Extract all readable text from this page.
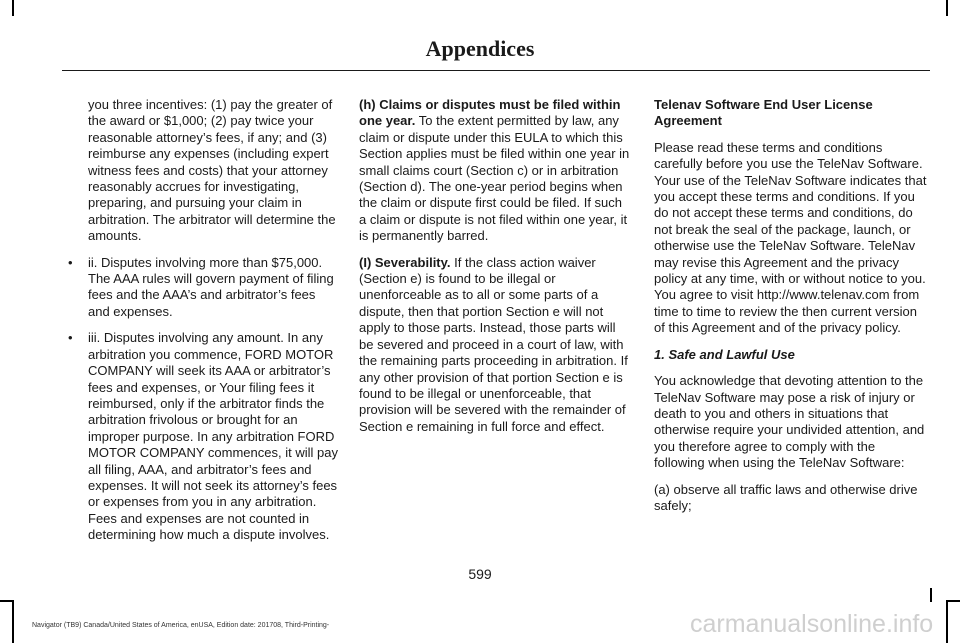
Appendices

you three incentives: (1) pay the greater of the award or $1,000; (2) pay twice your reasonable attorney’s fees, if any; and (3) reimburse any expenses (including expert witness fees and costs) that your attorney reasonably accrues for investigating, preparing, and pursuing your claim in arbitration. The arbitrator will determine the amounts.

• ii. Disputes involving more than $75,000. The AAA rules will govern payment of filing fees and the AAA’s and arbitrator’s fees and expenses.

• iii. Disputes involving any amount. In any arbitration you commence, FORD MOTOR COMPANY will seek its AAA or arbitrator’s fees and expenses, or Your filing fees it reimbursed, only if the arbitrator finds the arbitration frivolous or brought for an improper purpose. In any arbitration FORD MOTOR COMPANY commences, it will pay all filing, AAA, and arbitrator’s fees and expenses. It will not seek its attorney’s fees or expenses from you in any arbitration. Fees and expenses are not counted in determining how much a dispute involves.

(h) Claims or disputes must be filed within one year. To the extent permitted by law, any claim or dispute under this EULA to which this Section applies must be filed within one year in small claims court (Section c) or in arbitration (Section d). The one-year period begins when the claim or dispute first could be filed. If such a claim or dispute is not filed within one year, it is permanently barred.

(I) Severability. If the class action waiver (Section e) is found to be illegal or unenforceable as to all or some parts of a dispute, then that portion Section e will not apply to those parts. Instead, those parts will be severed and proceed in a court of law, with the remaining parts proceeding in arbitration. If any other provision of that portion Section e is found to be illegal or unenforceable, that provision will be severed with the remainder of Section e remaining in full force and effect.

Telenav Software End User License Agreement

Please read these terms and conditions carefully before you use the TeleNav Software. Your use of the TeleNav Software indicates that you accept these terms and conditions. If you do not accept these terms and conditions, do not break the seal of the package, launch, or otherwise use the TeleNav Software. TeleNav may revise this Agreement and the privacy policy at any time, with or without notice to you. You agree to visit http://www.telenav.com from time to time to review the then current version of this Agreement and of the privacy policy.

1. Safe and Lawful Use

You acknowledge that devoting attention to the TeleNav Software may pose a risk of injury or death to you and others in situations that otherwise require your undivided attention, and you therefore agree to comply with the following when using the TeleNav Software:

(a) observe all traffic laws and otherwise drive safely;

599
Navigator (TB9) Canada/United States of America, enUSA, Edition date: 201708, Third-Printing-	carmanualsonline.info
